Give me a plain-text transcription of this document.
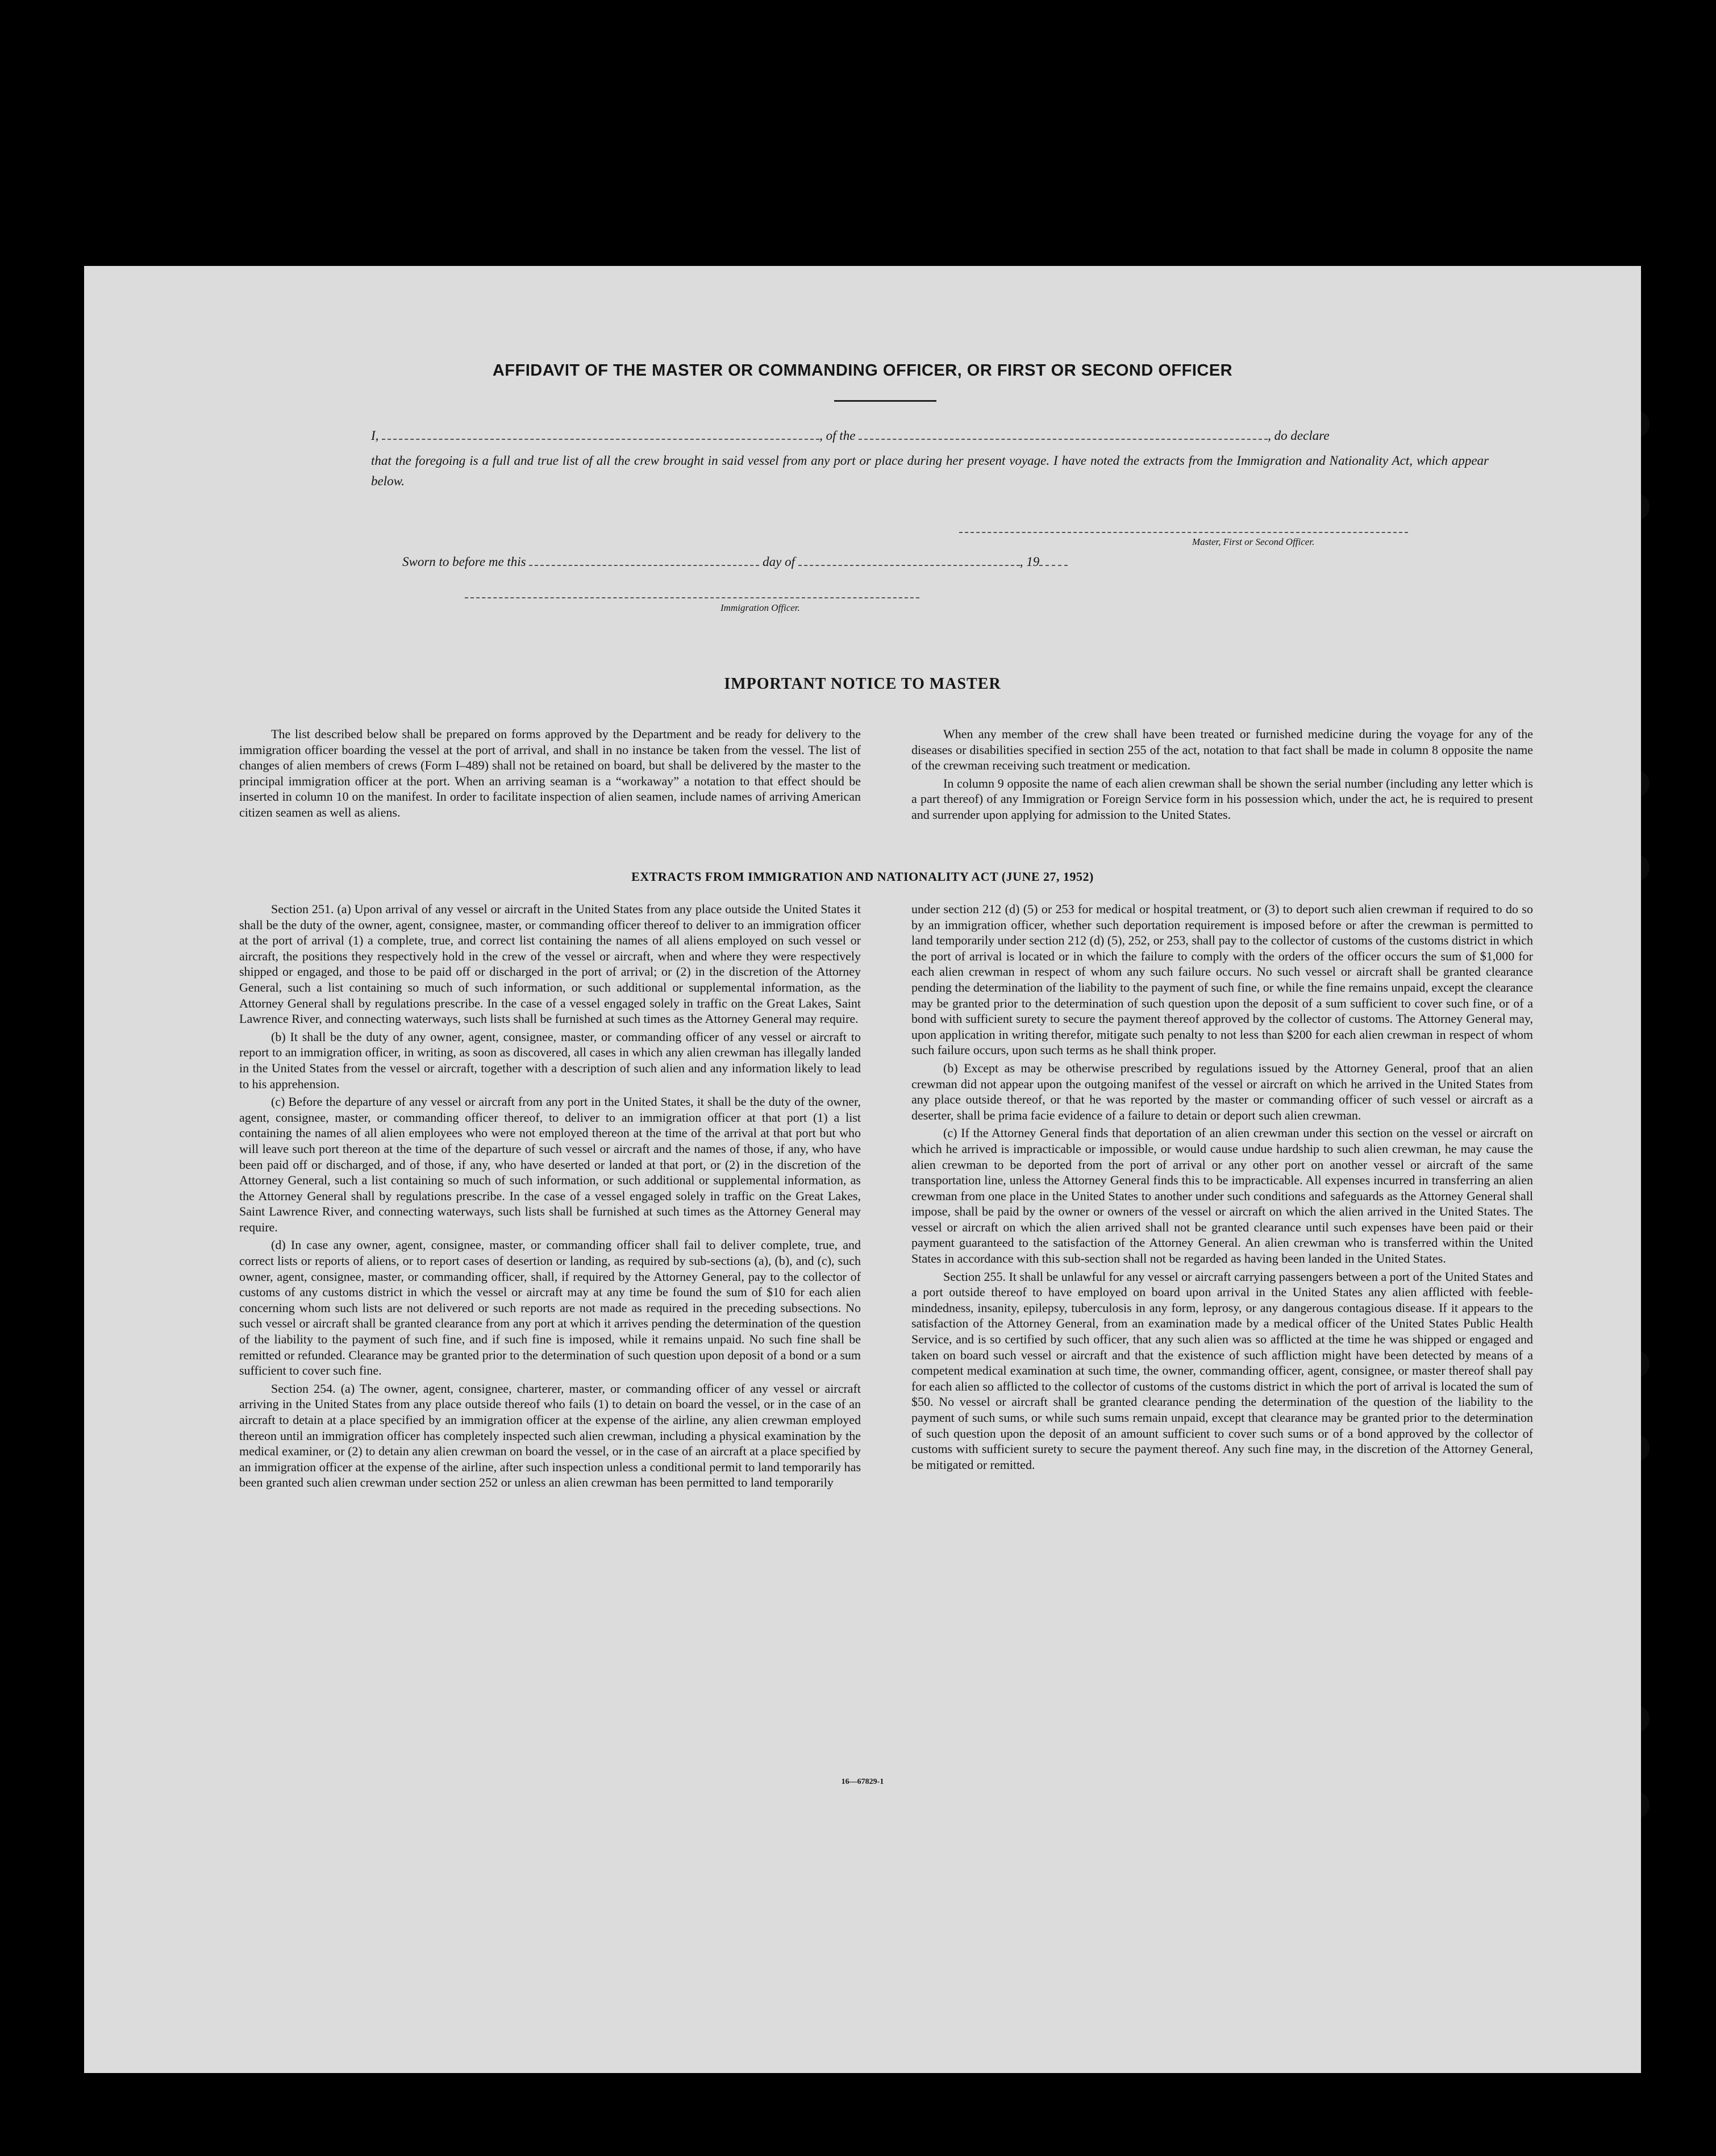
AFFIDAVIT OF THE MASTER OR COMMANDING OFFICER, OR FIRST OR SECOND OFFICER
I,	, of the	, do declare
that the foregoing is a full and true list of all the crew brought in said vessel from any port or place during her present voyage. I have noted the extracts from the Immigration and Nationality Act, which appear below.
Master, First or Second Officer.
Sworn to before me this	day of	, 19
Immigration Officer.
IMPORTANT NOTICE TO MASTER

The list described below shall be prepared on forms approved by the Department and be ready for delivery to the immigration officer boarding the vessel at the port of arrival, and shall in no instance be taken from the vessel. The list of changes of alien members of crews (Form I–489) shall not be retained on board, but shall be delivered by the master to the principal immigration officer at the port. When an arriving seaman is a “workaway” a notation to that effect should be inserted in column 10 on the manifest. In order to facilitate inspection of alien seamen, include names of arriving American citizen seamen as well as aliens.

When any member of the crew shall have been treated or furnished medicine during the voyage for any of the diseases or disabilities specified in section 255 of the act, notation to that fact shall be made in column 8 opposite the name of the crewman receiving such treatment or medication.

In column 9 opposite the name of each alien crewman shall be shown the serial number (including any letter which is a part thereof) of any Immigration or Foreign Service form in his possession which, under the act, he is required to present and surrender upon applying for admission to the United States.

EXTRACTS FROM IMMIGRATION AND NATIONALITY ACT (JUNE 27, 1952)

Section 251. (a) Upon arrival of any vessel or aircraft in the United States from any place outside the United States it shall be the duty of the owner, agent, consignee, master, or commanding officer thereof to deliver to an immigration officer at the port of arrival (1) a complete, true, and correct list containing the names of all aliens employed on such vessel or aircraft, the positions they respectively hold in the crew of the vessel or aircraft, when and where they were respectively shipped or engaged, and those to be paid off or discharged in the port of arrival; or (2) in the discretion of the Attorney General, such a list containing so much of such information, or such additional or supplemental information, as the Attorney General shall by regulations prescribe. In the case of a vessel engaged solely in traffic on the Great Lakes, Saint Lawrence River, and connecting waterways, such lists shall be furnished at such times as the Attorney General may require.

(b) It shall be the duty of any owner, agent, consignee, master, or commanding officer of any vessel or aircraft to report to an immigration officer, in writing, as soon as discovered, all cases in which any alien crewman has illegally landed in the United States from the vessel or aircraft, together with a description of such alien and any information likely to lead to his apprehension.

(c) Before the departure of any vessel or aircraft from any port in the United States, it shall be the duty of the owner, agent, consignee, master, or commanding officer thereof, to deliver to an immigration officer at that port (1) a list containing the names of all alien employees who were not employed thereon at the time of the arrival at that port but who will leave such port thereon at the time of the departure of such vessel or aircraft and the names of those, if any, who have been paid off or discharged, and of those, if any, who have deserted or landed at that port, or (2) in the discretion of the Attorney General, such a list containing so much of such information, or such additional or supplemental information, as the Attorney General shall by regulations prescribe. In the case of a vessel engaged solely in traffic on the Great Lakes, Saint Lawrence River, and connecting waterways, such lists shall be furnished at such times as the Attorney General may require.

(d) In case any owner, agent, consignee, master, or commanding officer shall fail to deliver complete, true, and correct lists or reports of aliens, or to report cases of desertion or landing, as required by sub-sections (a), (b), and (c), such owner, agent, consignee, master, or commanding officer, shall, if required by the Attorney General, pay to the collector of customs of any customs district in which the vessel or aircraft may at any time be found the sum of $10 for each alien concerning whom such lists are not delivered or such reports are not made as required in the preceding subsections. No such vessel or aircraft shall be granted clearance from any port at which it arrives pending the determination of the question of the liability to the payment of such fine, and if such fine is imposed, while it remains unpaid. No such fine shall be remitted or refunded. Clearance may be granted prior to the determination of such question upon deposit of a bond or a sum sufficient to cover such fine.

Section 254. (a) The owner, agent, consignee, charterer, master, or commanding officer of any vessel or aircraft arriving in the United States from any place outside thereof who fails (1) to detain on board the vessel, or in the case of an aircraft to detain at a place specified by an immigration officer at the expense of the airline, any alien crewman employed thereon until an immigration officer has completely inspected such alien crewman, including a physical examination by the medical examiner, or (2) to detain any alien crewman on board the vessel, or in the case of an aircraft at a place specified by an immigration officer at the expense of the airline, after such inspection unless a conditional permit to land temporarily has been granted such alien crewman under section 252 or unless an alien crewman has been permitted to land temporarily

under section 212 (d) (5) or 253 for medical or hospital treatment, or (3) to deport such alien crewman if required to do so by an immigration officer, whether such deportation requirement is imposed before or after the crewman is permitted to land temporarily under section 212 (d) (5), 252, or 253, shall pay to the collector of customs of the customs district in which the port of arrival is located or in which the failure to comply with the orders of the officer occurs the sum of $1,000 for each alien crewman in respect of whom any such failure occurs. No such vessel or aircraft shall be granted clearance pending the determination of the liability to the payment of such fine, or while the fine remains unpaid, except the clearance may be granted prior to the determination of such question upon the deposit of a sum sufficient to cover such fine, or of a bond with sufficient surety to secure the payment thereof approved by the collector of customs. The Attorney General may, upon application in writing therefor, mitigate such penalty to not less than $200 for each alien crewman in respect of whom such failure occurs, upon such terms as he shall think proper.

(b) Except as may be otherwise prescribed by regulations issued by the Attorney General, proof that an alien crewman did not appear upon the outgoing manifest of the vessel or aircraft on which he arrived in the United States from any place outside thereof, or that he was reported by the master or commanding officer of such vessel or aircraft as a deserter, shall be prima facie evidence of a failure to detain or deport such alien crewman.

(c) If the Attorney General finds that deportation of an alien crewman under this section on the vessel or aircraft on which he arrived is impracticable or impossible, or would cause undue hardship to such alien crewman, he may cause the alien crewman to be deported from the port of arrival or any other port on another vessel or aircraft of the same transportation line, unless the Attorney General finds this to be impracticable. All expenses incurred in transferring an alien crewman from one place in the United States to another under such conditions and safeguards as the Attorney General shall impose, shall be paid by the owner or owners of the vessel or aircraft on which the alien arrived in the United States. The vessel or aircraft on which the alien arrived shall not be granted clearance until such expenses have been paid or their payment guaranteed to the satisfaction of the Attorney General. An alien crewman who is transferred within the United States in accordance with this sub-section shall not be regarded as having been landed in the United States.

Section 255. It shall be unlawful for any vessel or aircraft carrying passengers between a port of the United States and a port outside thereof to have employed on board upon arrival in the United States any alien afflicted with feeble-mindedness, insanity, epilepsy, tuberculosis in any form, leprosy, or any dangerous contagious disease. If it appears to the satisfaction of the Attorney General, from an examination made by a medical officer of the United States Public Health Service, and is so certified by such officer, that any such alien was so afflicted at the time he was shipped or engaged and taken on board such vessel or aircraft and that the existence of such affliction might have been detected by means of a competent medical examination at such time, the owner, commanding officer, agent, consignee, or master thereof shall pay for each alien so afflicted to the collector of customs of the customs district in which the port of arrival is located the sum of $50. No vessel or aircraft shall be granted clearance pending the determination of the question of the liability to the payment of such sums, or while such sums remain unpaid, except that clearance may be granted prior to the determination of such question upon the deposit of an amount sufficient to cover such sums or of a bond approved by the collector of customs with sufficient surety to secure the payment thereof. Any such fine may, in the discretion of the Attorney General, be mitigated or remitted.

16—67829-1
